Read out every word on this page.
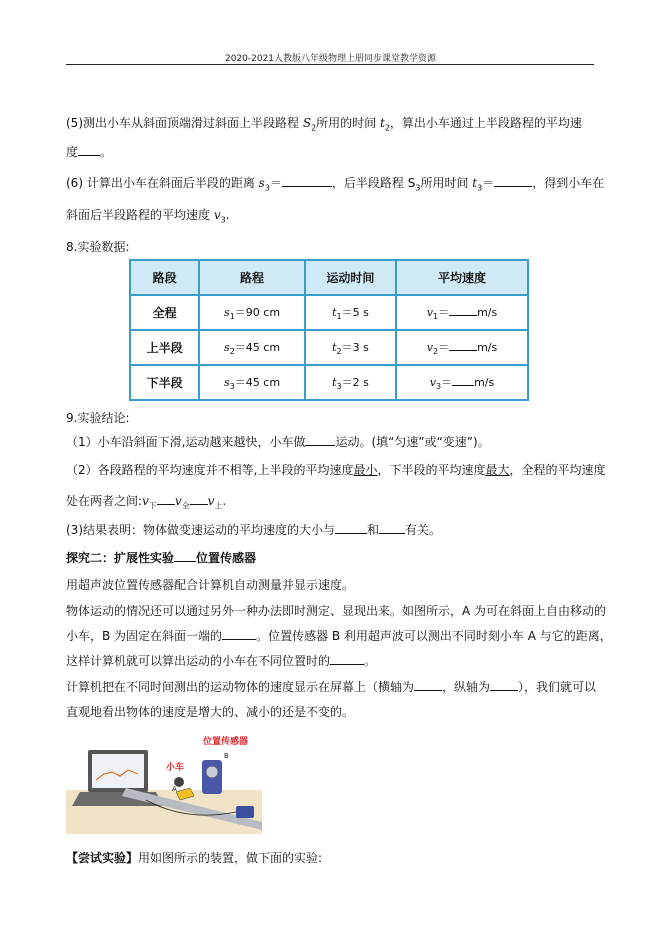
2020-2021人教版八年级物理上册同步课堂教学资源
(5)测出小车从斜面顶端滑过斜面上半段路程 $S_2$所用的时间 $t_2$，算出小车通过上半段路程的平均速
度 。
(6) 计算出小车在斜面后半段的距离 $s_3=$	，后半段路程 $S_3$所用时间 $t_3=$	，得到小车在
斜面后半段路程的平均速度 $v_3$.
8.实验数据:
路段	路程	运动时间	平均速度
全程	$s_1=90$ cm	$t_1=5$ s	$v_1= m/s$
上半段	$s_2=45$ cm	$t_2=3$ s	$v_2= m/s$
下半段	$s_3=45$ cm	$t_3=2$ s	$v_3= m/s$
9.实验结论:
（1）小车沿斜面下滑,运动越来越快，小车做	运动。(填“匀速”或“变速”)。
（2）各段路程的平均速度并不相等,上半段的平均速度最小，下半段的平均速度最大，全程的平均速度
处在两者之间$:v_下$ $v_全$ $v_上$.
(3)结果表明：物体做变速运动的平均速度的大小与	和 有关。
探究二：扩展性实验 位置传感器
用超声波位置传感器配合计算机自动测量并显示速度。
物体运动的情况还可以通过另外一种办法即时测定、显现出来。如图所示，A 为可在斜面上自由移动的
小车，B 为固定在斜面一端的	。位置传感器 B 利用超声波可以测出不同时刻小车 A 与它的距离，
这样计算机就可以算出运动的小车在不同位置时的	。
计算机把在不同时间测出的运动物体的速度显示在屏幕上（横轴为 ，纵轴为 ），我们就可以
直观地看出物体的速度是增大的、减小的还是不变的。
位置传感器
小车
A
B
【尝试实验】用如图所示的装置，做下面的实验:
